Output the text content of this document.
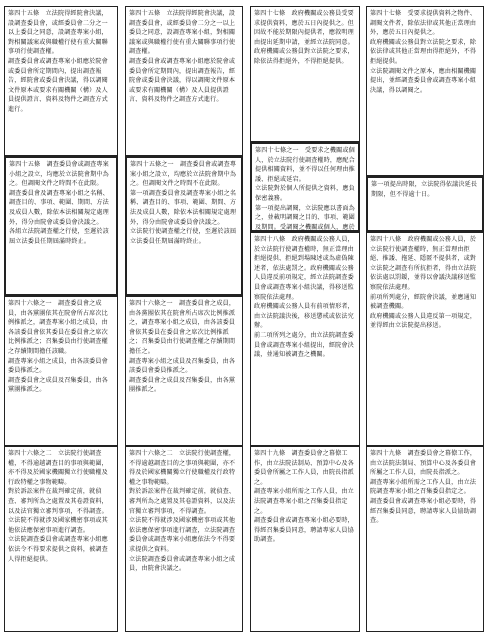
第四十五條　立法院得經院會決議，設調查委員會，或經委員會二分之一以上委員之同意，設調查專案小組，對相關議案或與職權行使有重大關聯事項行使調查權。
調查委員會或調查專案小組應於院會或委員會所定期間內，提出調查報告，經院會或委員會決議，得以調閱文件原本或要求有關機關（構）及人員提供證言、資料及物件之調查方式進行。
第四十五條　調查委員會或調查專案小組之設立，均應於立法院會期中為之。但調閱文件之時間不在此限。
調查委員會及調查專案小組之名稱、調查目的、事項、範圍、期間、方法及成員人數，除依本法相關規定處理外，得分由院會或委員會決議之。
各組立法院調查權之行使，至遲於該屆立法委員任期屆滿時終止。
第四十六條之一　調查委員會之成員，由各黨團依其在院會所占席次比例推派之，調查專案小組之成員，由各該委員會依其委員在委員會之席次比例推派之；召集委員由行使調查權之存續期間擔任該職。
調查專案小組之成員，由各該委員會委員推派之。
調查委員會之成員及召集委員，由各黨團推派之。
第四十六條之二　立法院行使調查權，不得逾越調查目的事項與範圍，亦不得及於國家機關獨立行使職權及行政特權之事物範疇。
對於訴訟案件在裁判確定前，就偵查、審判所為之處置及其卷證資料，以及法官獨立審判事項，不得調查。
立法院不得就涉及國家機密事項或其他依法應保密事項進行調查。
立法院調查委員會或調查專案小組應依法令不得要求提供之資料，被調查人得拒絕提供。
第四十五條　立法院得經院會決議，設調查委員會，或經委員會二分之一以上委員之同意，設調查專案小組，對相關議案或與職權行使有重大關聯事項行使調查權。
調查委員會或調查專案小組應於院會或委員會所定期間內，提出調查報告，經院會或委員會決議，得以調閱文件原本或要求有關機關（構）及人員提供證言、資料及物件之調查方式進行。
第四十五條之一　調查委員會或調查專案小組之設立，均應於立法院會期中為之。但調閱文件之時間不在此限。
第一項調查委員會及調查專案小組之名稱、調查目的、事項、範圍、期間、方法及成員人數，除依本法相關規定處理外，得分由院會或委員會決議之。
立法院行使調查權之行使，至遲於該屆立法委員任期屆滿時終止。
第四十六條之一　調查委員會之成員，由各黨團依其在院會所占席次比例推派之，調查專案小組之成員，由各該委員會依其委員在委員會之席次比例推派之；召集委員由行使調查權之存續期間擔任之。
調查專案小組之成員及召集委員，由各該委員會委員推派之。
調查委員會之成員及召集委員，由各黨團推派之。
第四十六條之二　立法院行使調查權，不得逾越調查目的之事項與範圍，亦不得及於國家機關獨立行使職權及行政特權之事物範疇。
對於訴訟案件在裁判確定前，就偵查、審判所為之處置及其卷證資料，以及法官獨立審判事項，不得調查。
立法院不得就涉及國家機密事項或其他依法應保密事項進行調查，立法院調查委員會或調查專案小組應依法令不得要求提供之資料。
立法院調查委員會或調查專案小組之成員，由院會決議之。
第四十七條　政府機關或公務員受要求提供資料，應於五日內提供之。但因故不能於期限內提供者，應敘明理由提出延期申請，並經立法院同意。
政府機關或公務員對立法院之要求，除依法得拒絕外，不得拒絕提供。
第四十七條之一　受要求之機關或個人，於立法院行使調查權時，應配合提供相關資料，並不得以任何理由推諉、拒絕或延宕。
立法院對於個人所提供之資料，應負保密義務。
第一項提出調閱，立法院應以書面為之，並載明調閱之目的、事項、範圍及期間。受調閱之機關或個人，應於
第四十八條　政府機關或公務人員，於立法院行使調查權時，無正當理由拒絕提供、拒絕到場陳述或為虛偽陳述者，依法處罰之。政府機關或公務人員違反前項規定，經立法院調查委員會或調查專案小組決議，得移送監察院依法處理。
政府機關或公務人員有前項情形者，由立法院議決後，移送懲戒或依法究辦。
前二項所列之處分，由立法院調查委員會或調查專案小組提出，經院會決議，並通知被調查之機關。
第四十九條　調查委員會之幕僚工作，由立法院法制局、預算中心及各委員會所屬之工作人員，由院長指派之。
調查專案小組所需之工作人員，由立法院調查專案小組之召集委員指定之。
調查委員會或調查專案小組必要時，得經召集委員同意，聘請專家人員協助調查。
第四十七條　受要求提供資料之物件、調閱文件者，除依法律或其他正當理由外，應於五日內提供之。
政府機關或公務員對立法院之要求，除依法律或其他正當理由得拒絕外，不得拒絕提供。
立法院調閱文件之原本，應由相關機關提出，並經調查委員會或調查專案小組決議，得以調閱之。
第一項提出時限，立法院得依議決延長期限，但不得逾十日。
第四十八條　政府機關或公務人員，於立法院行使調查權時，無正當理由拒絕、推諉、拖延、隱匿不提供者，或對立法院之調查有所抗拒者，得由立法院依法處以罰鍰，並得以會議決議移送監察院依法處理。
前項所列處分，經院會決議，並應通知被調查機關。
政府機關或公務人員違反第一項規定，並得經由立法院提出移送。
第四十九條　調查委員會之幕僚工作，由立法院法制局、預算中心及各委員會所屬之工作人員，由院長指派之。
調查專案小組所需之工作人員，由立法院調查專案小組之召集委員指定之。
調查委員會或調查專案小組必要時，得經召集委員同意，聘請專家人員協助調查。
